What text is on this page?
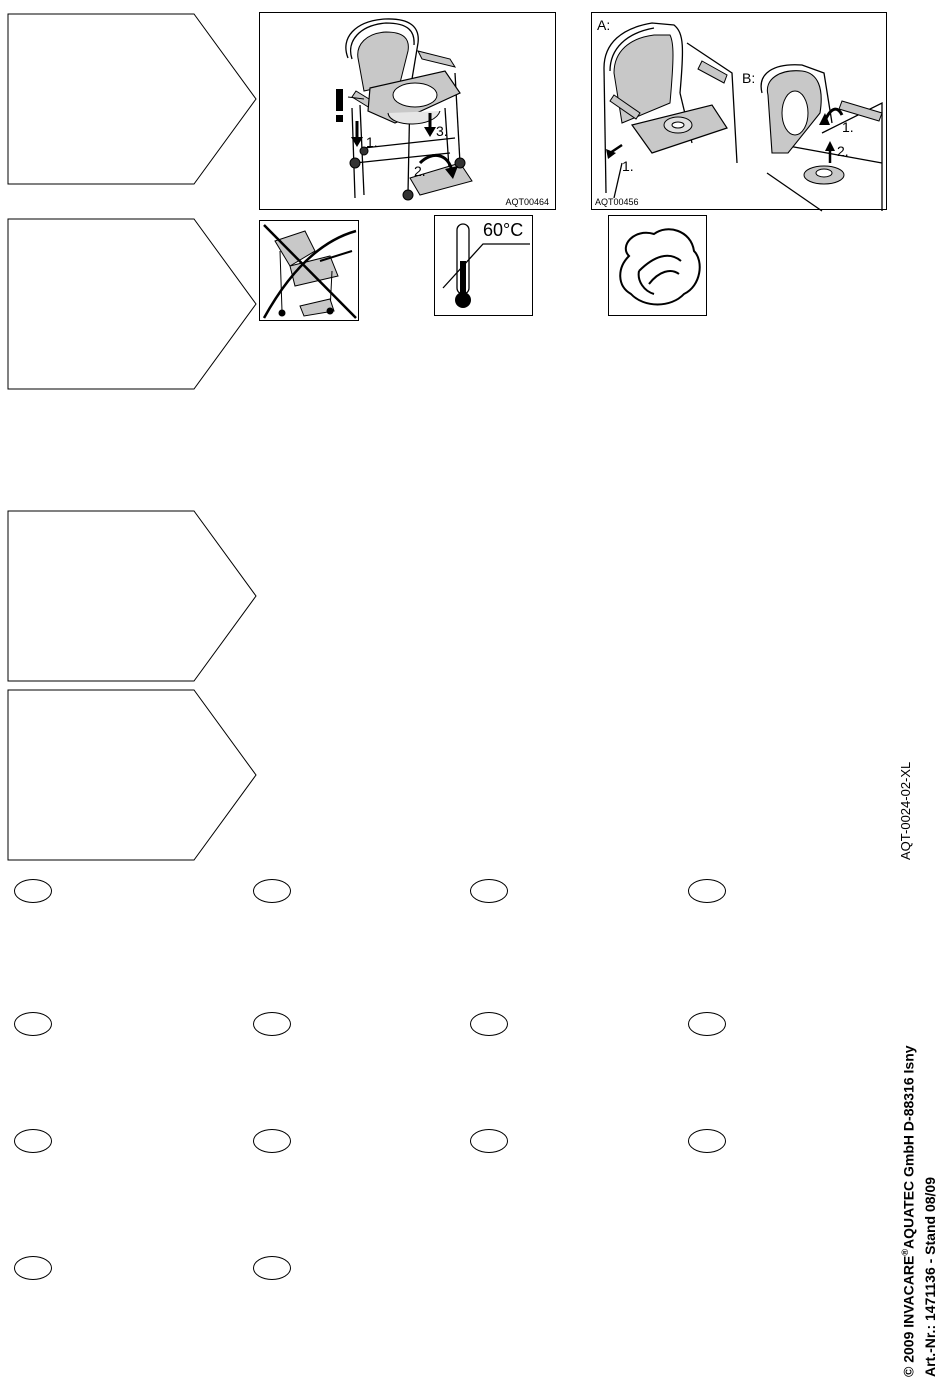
1.
2.
3.
AQT00464
A:
B:
1.
1.
2.
AQT00456
60°C
AQT-0024-02-XL
© 2009 INVACARE®AQUATEC GmbH D-88316 Isny
Art.-Nr.: 1471136 - Stand 08/09
